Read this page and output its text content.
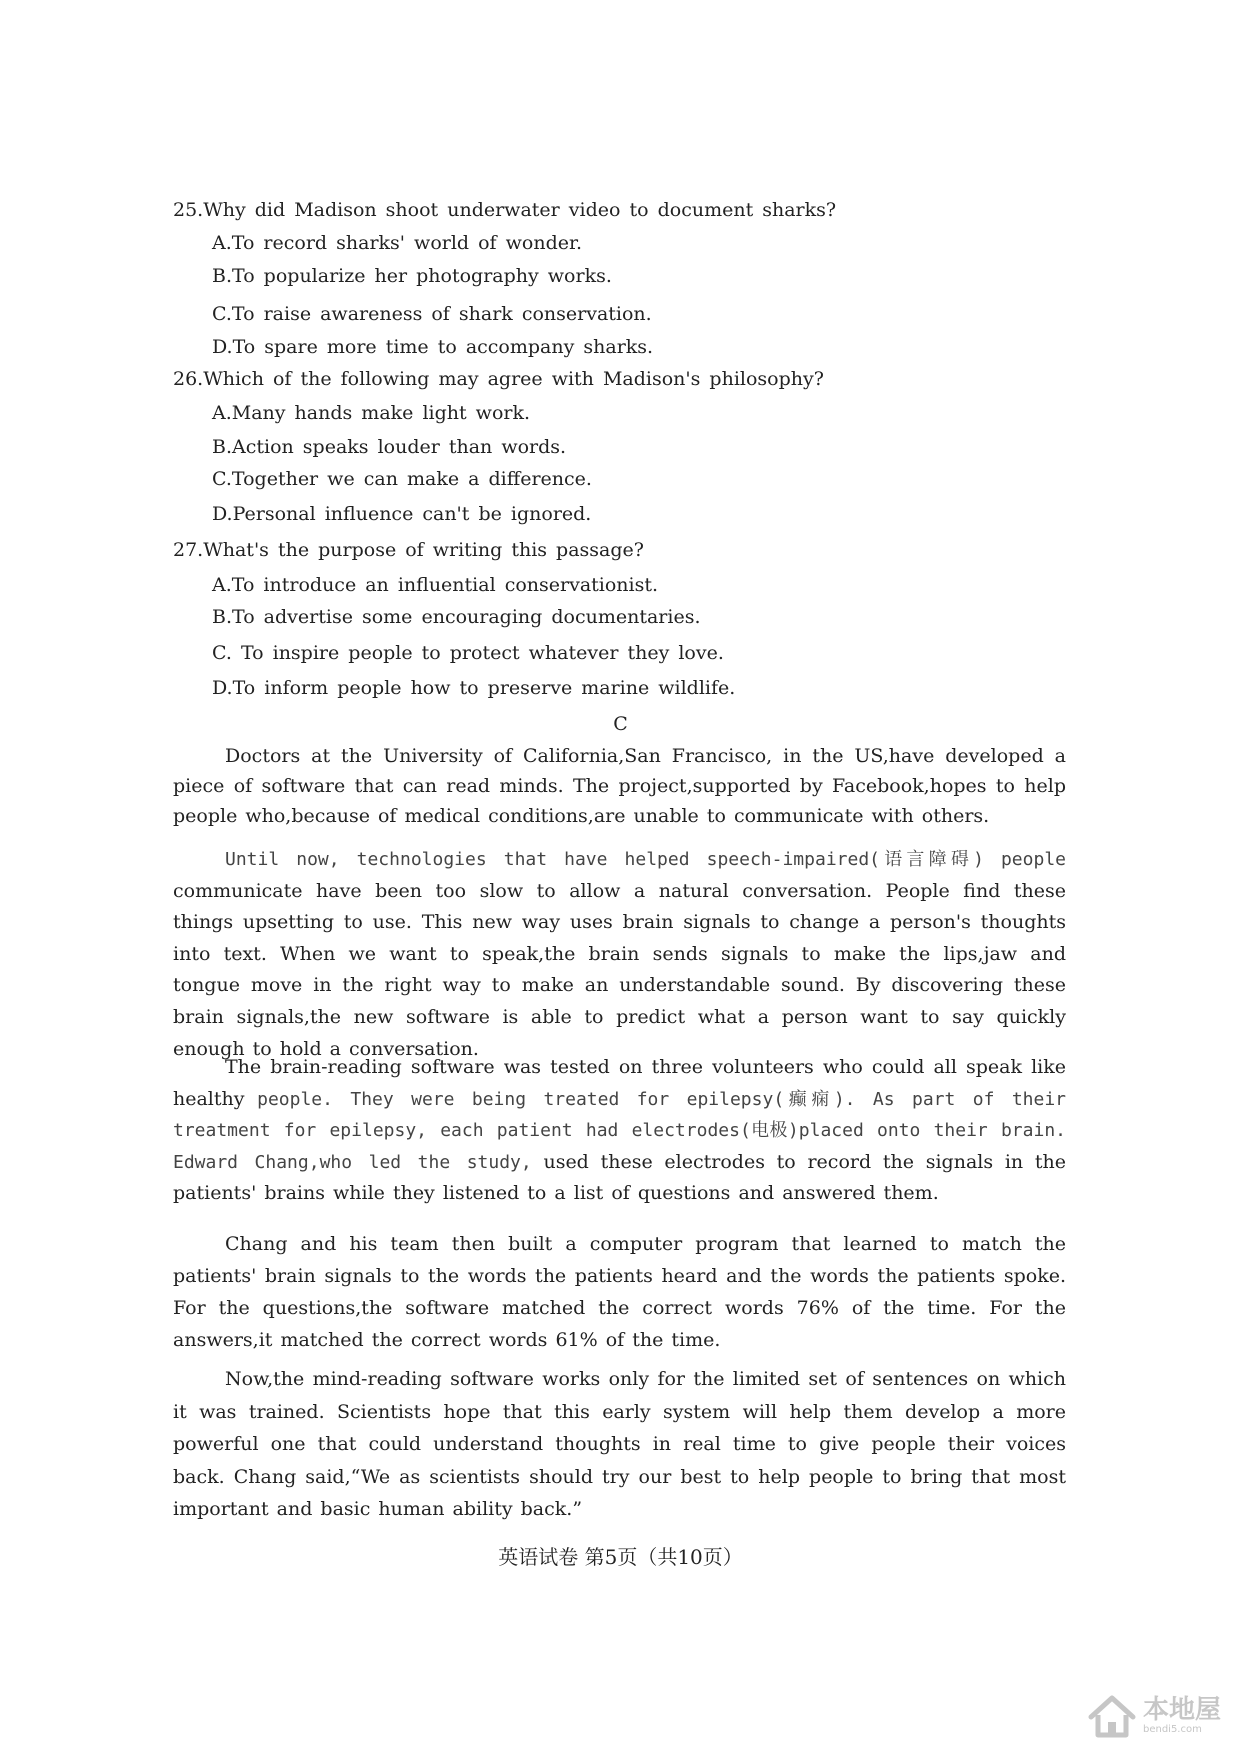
25.Why did Madison shoot underwater video to document sharks?
A.To record sharks' world of wonder.
B.To popularize her photography works.
C.To raise awareness of shark conservation.
D.To spare more time to accompany sharks.
26.Which of the following may agree with Madison's philosophy?
A.Many hands make light work.
B.Action speaks louder than words.
C.Together we can make a difference.
D.Personal influence can't be ignored.
27.What's the purpose of writing this passage?
A.To introduce an influential conservationist.
B.To advertise some encouraging documentaries.
C. To inspire people to protect whatever they love.
D.To inform people how to preserve marine wildlife.
C
Doctors at the University of California,San Francisco, in the US,have developed a piece of software that can read minds. The project,supported by Facebook,hopes to help people who,because of medical conditions,are unable to communicate with others.
Until now, technologies that have helped speech-impaired(语言障碍) people communicate have been too slow to allow a natural conversation. People find these things upsetting to use. This new way uses brain signals to change a person's thoughts into text. When we want to speak,the brain sends signals to make the lips,jaw and tongue move in the right way to make an understandable sound. By discovering these brain signals,the new software is able to predict what a person want to say quickly enough to hold a conversation.
The brain-reading software was tested on three volunteers who could all speak like healthy people. They were being treated for epilepsy(癫痫). As part of their treatment for epilepsy, each patient had electrodes(电极)placed onto their brain. Edward Chang,who led the study, used these electrodes to record the signals in the patients' brains while they listened to a list of questions and answered them.
Chang and his team then built a computer program that learned to match the patients' brain signals to the words the patients heard and the words the patients spoke. For the questions,the software matched the correct words 76% of the time. For the answers,it matched the correct words 61% of the time.
Now,the mind-reading software works only for the limited set of sentences on which it was trained. Scientists hope that this early system will help them develop a more powerful one that could understand thoughts in real time to give people their voices back. Chang said,“We as scientists should try our best to help people to bring that most important and basic human ability back.”
英语试卷 第5页（共10页）
本地屋
bendi5.com
